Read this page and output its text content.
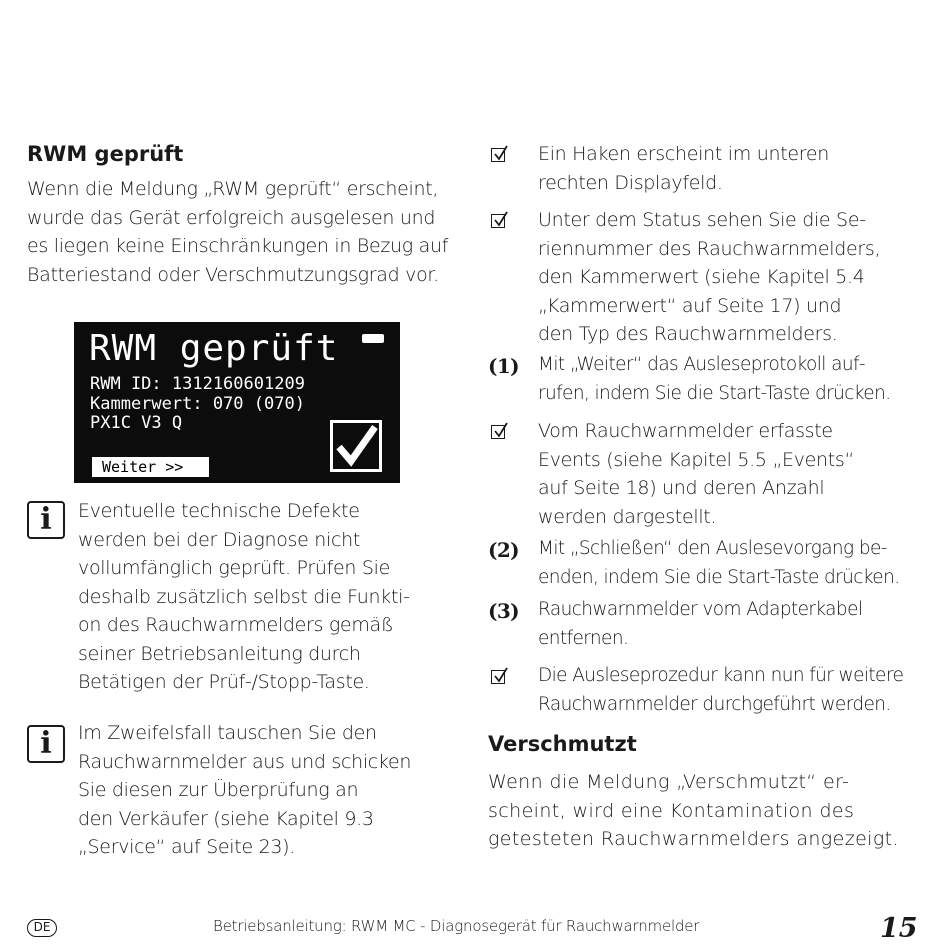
RWM geprüft
Wenn die Meldung „RWM geprüft“ erscheint,
wurde das Gerät erfolgreich ausgelesen und
es liegen keine Einschränkungen in Bezug auf
Batteriestand oder Verschmutzungsgrad vor.
RWM geprüft
RWM ID: 1312160601209
Kammerwert: 070 (070)
PX1C V3 Q
Weiter >>
i	Eventuelle technische Defekte
werden bei der Diagnose nicht
vollumfänglich geprüft. Prüfen Sie
deshalb zusätzlich selbst die Funkti-
on des Rauchwarnmelders gemäß
seiner Betriebsanleitung durch
Betätigen der Prüf-/Stopp-Taste.
i	Im Zweifelsfall tauschen Sie den
Rauchwarnmelder aus und schicken
Sie diesen zur Überprüfung an
den Verkäufer (siehe Kapitel 9.3
„Service“ auf Seite 23).
Ein Haken erscheint im unteren
rechten Displayfeld.
Unter dem Status sehen Sie die Se-
riennummer des Rauchwarnmelders,
den Kammerwert (siehe Kapitel 5.4
„Kammerwert“ auf Seite 17) und
den Typ des Rauchwarnmelders.
(1) Mit „Weiter“ das Ausleseprotokoll auf-
rufen, indem Sie die Start-Taste drücken.
Vom Rauchwarnmelder erfasste
Events (siehe Kapitel 5.5 „Events“
auf Seite 18) und deren Anzahl
werden dargestellt.
(2) Mit „Schließen“ den Auslesevorgang be-
enden, indem Sie die Start-Taste drücken.
(3) Rauchwarnmelder vom Adapterkabel
entfernen.
Die Ausleseprozedur kann nun für weitere
Rauchwarnmelder durchgeführt werden.
Verschmutzt
Wenn die Meldung „Verschmutzt“ er-
scheint, wird eine Kontamination des
getesteten Rauchwarnmelders angezeigt.
DE	Betriebsanleitung: RWM MC - Diagnosegerät für Rauchwarnmelder	15
